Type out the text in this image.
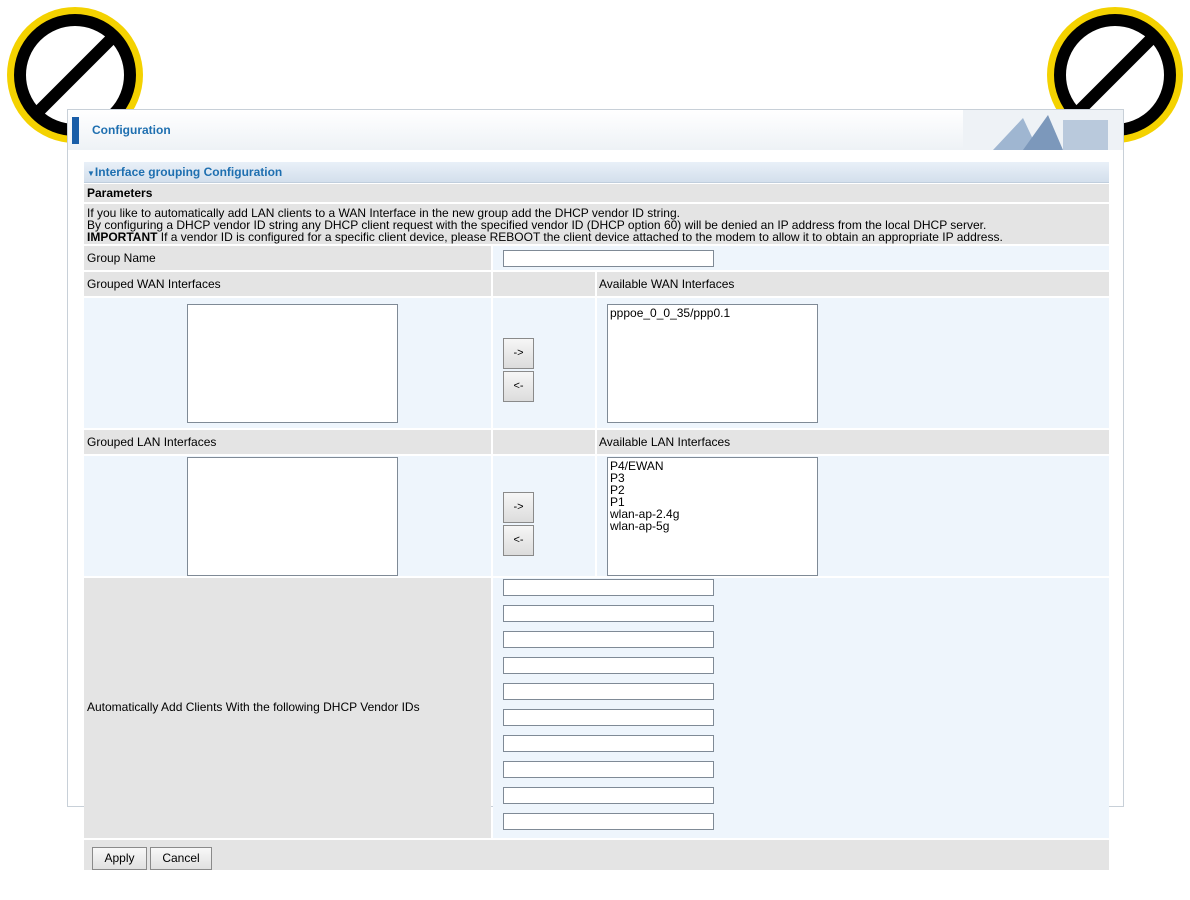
Configuration
▼Interface grouping Configuration
Parameters
If you like to automatically add LAN clients to a WAN Interface in the new group add the DHCP vendor ID string.
By configuring a DHCP vendor ID string any DHCP client request with the specified vendor ID (DHCP option 60) will be denied an IP address from the local DHCP server.
IMPORTANT If a vendor ID is configured for a specific client device, please REBOOT the client device attached to the modem to allow it to obtain an appropriate IP address.
Group Name
Grouped WAN Interfaces	Available WAN Interfaces
->
<-
pppoe_0_0_35/ppp0.1
Grouped LAN Interfaces	Available LAN Interfaces
->
<-
P4/EWAN
P3
P2
P1
wlan-ap-2.4g
wlan-ap-5g
Automatically Add Clients With the following DHCP Vendor IDs
Apply	Cancel
